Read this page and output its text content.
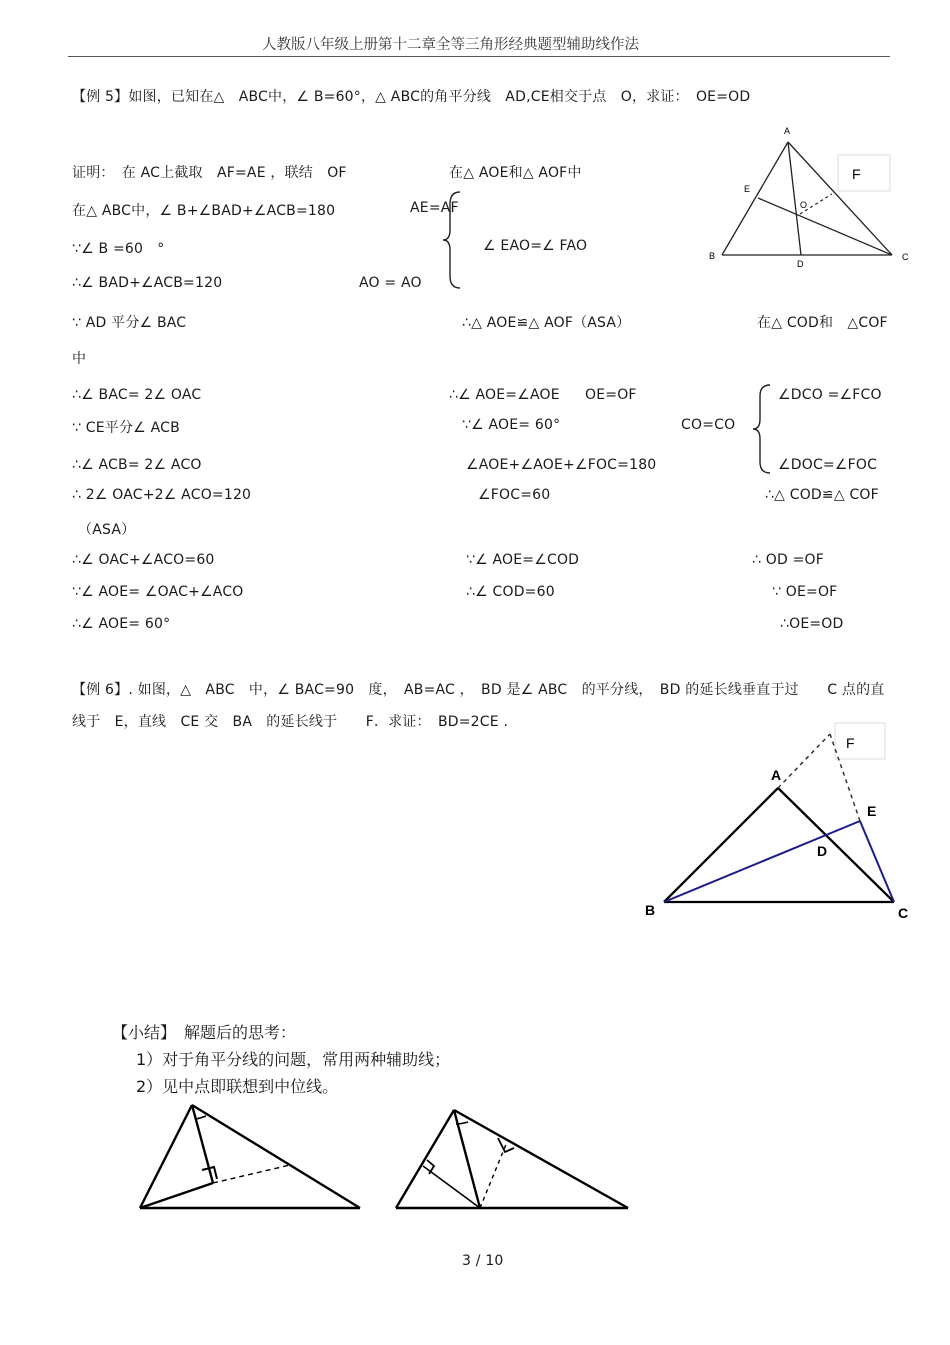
人教版八年级上册第十二章全等三角形经典题型辅助线作法
【例 5】如图，已知在△　ABC中，∠ B=60°，△ ABC的角平分线　AD,CE相交于点　O，求证：　OE=OD
证明：　在 AC上截取　AF=AE ，联结　OF
在△ ABC中，∠ B+∠BAD+∠ACB=180
∵∠ B =60　°
∴∠ BAD+∠ACB=120
∵ AD 平分∠ BAC
中
∴∠ BAC= 2∠ OAC
∵ CE平分∠ ACB
∴∠ ACB= 2∠ ACO
∴ 2∠ OAC+2∠ ACO=120
（ASA）
∴∠ OAC+∠ACO=60
∵∠ AOE= ∠OAC+∠ACO
∴∠ AOE= 60°
在△ AOE和△ AOF中
AE=AF
∠ EAO=∠ FAO
AO = AO
∴△ AOE≌△ AOF（ASA）
∴∠ AOE=∠AOE OE=OF
∵∠ AOE= 60°
∠AOE+∠AOE+∠FOC=180
∠FOC=60
∵∠ AOE=∠COD
∴∠ COD=60
在△ COD和　△COF
∠DCO =∠FCO
CO=CO
∠DOC=∠FOC
∴△ COD≌△ COF
∴ OD =OF
∵ OE=OF
∴OE=OD
A
E
O
F
B
D
C
【例 6】. 如图，△　ABC　中，∠ BAC=90　度，　AB=AC ，　BD 是∠ ABC　的平分线，　BD 的延长线垂直于过　　C 点的直
线于　E，直线　CE 交　BA　的延长线于　　F．求证：　BD=2CE .
A
E
D
F
B	C
【小结】　解题后的思考：
1）对于角平分线的问题，常用两种辅助线；
2）见中点即联想到中位线。
3 / 10
